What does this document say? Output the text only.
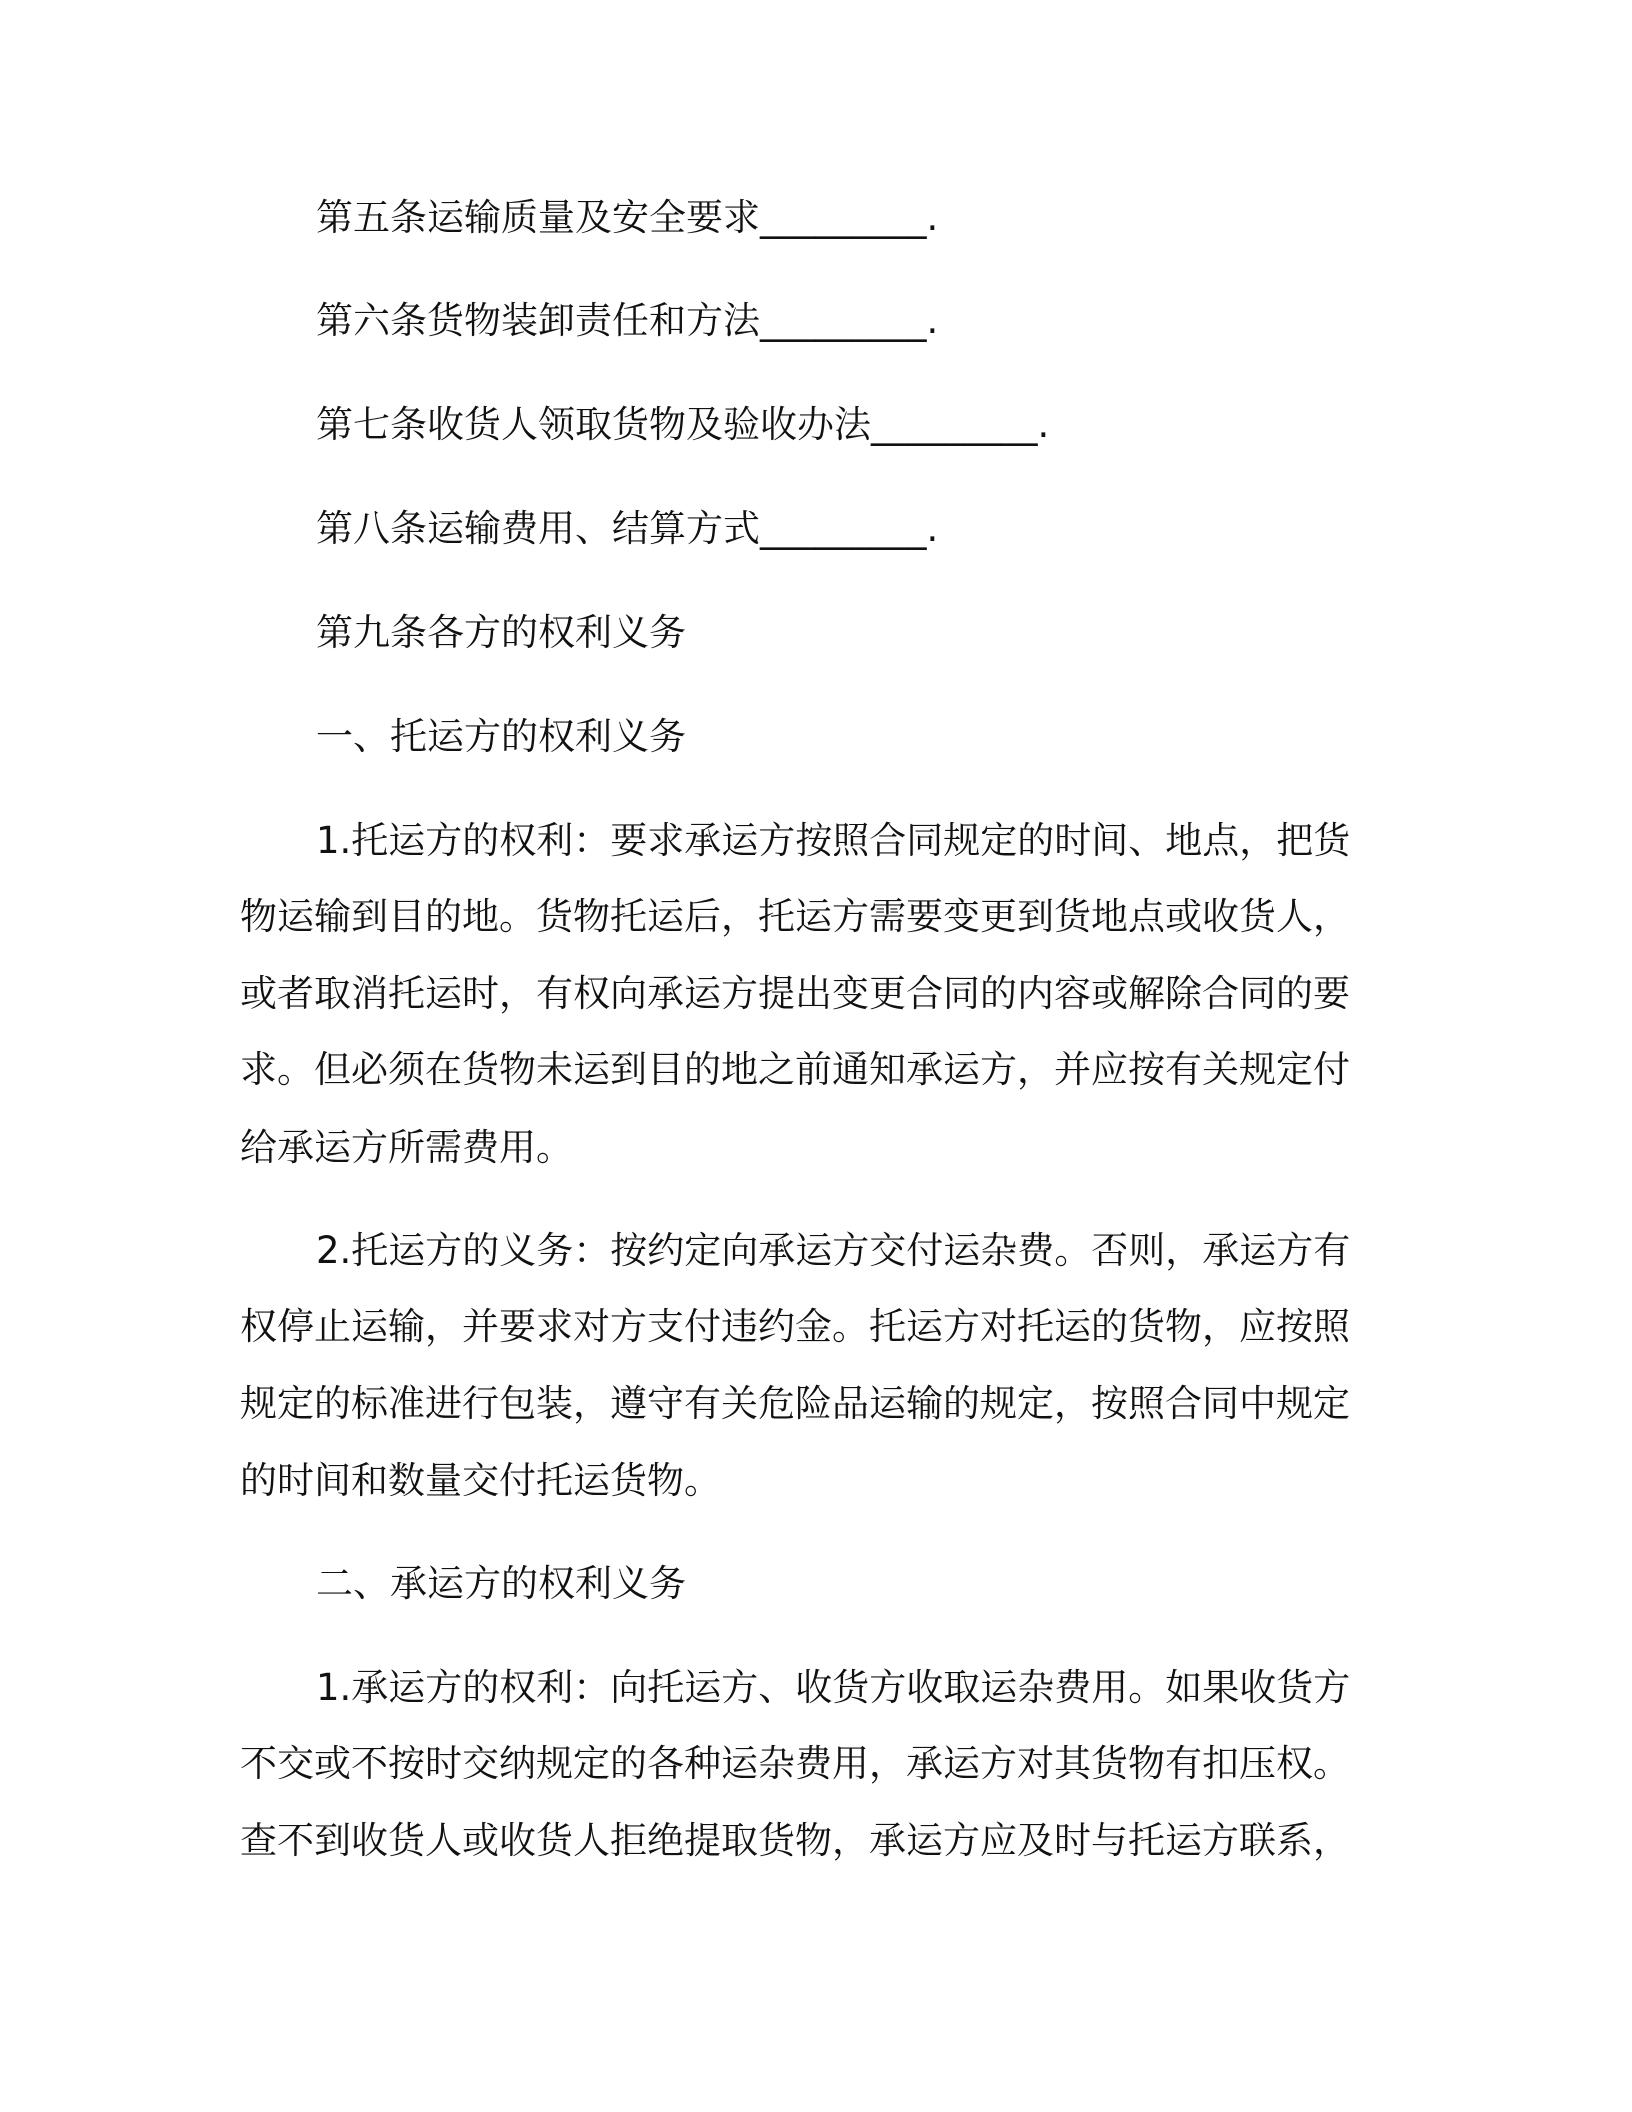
第五条运输质量及安全要求_________.
第六条货物装卸责任和方法_________.
第七条收货人领取货物及验收办法_________.
第八条运输费用、结算方式_________.
第九条各方的权利义务
一、托运方的权利义务
1.托运方的权利：要求承运方按照合同规定的时间、地点，把货
物运输到目的地。货物托运后，托运方需要变更到货地点或收货人，
或者取消托运时，有权向承运方提出变更合同的内容或解除合同的要
求。但必须在货物未运到目的地之前通知承运方，并应按有关规定付
给承运方所需费用。
2.托运方的义务：按约定向承运方交付运杂费。否则，承运方有
权停止运输，并要求对方支付违约金。托运方对托运的货物，应按照
规定的标准进行包装，遵守有关危险品运输的规定，按照合同中规定
的时间和数量交付托运货物。
二、承运方的权利义务
1.承运方的权利：向托运方、收货方收取运杂费用。如果收货方
不交或不按时交纳规定的各种运杂费用，承运方对其货物有扣压权。
查不到收货人或收货人拒绝提取货物，承运方应及时与托运方联系，
